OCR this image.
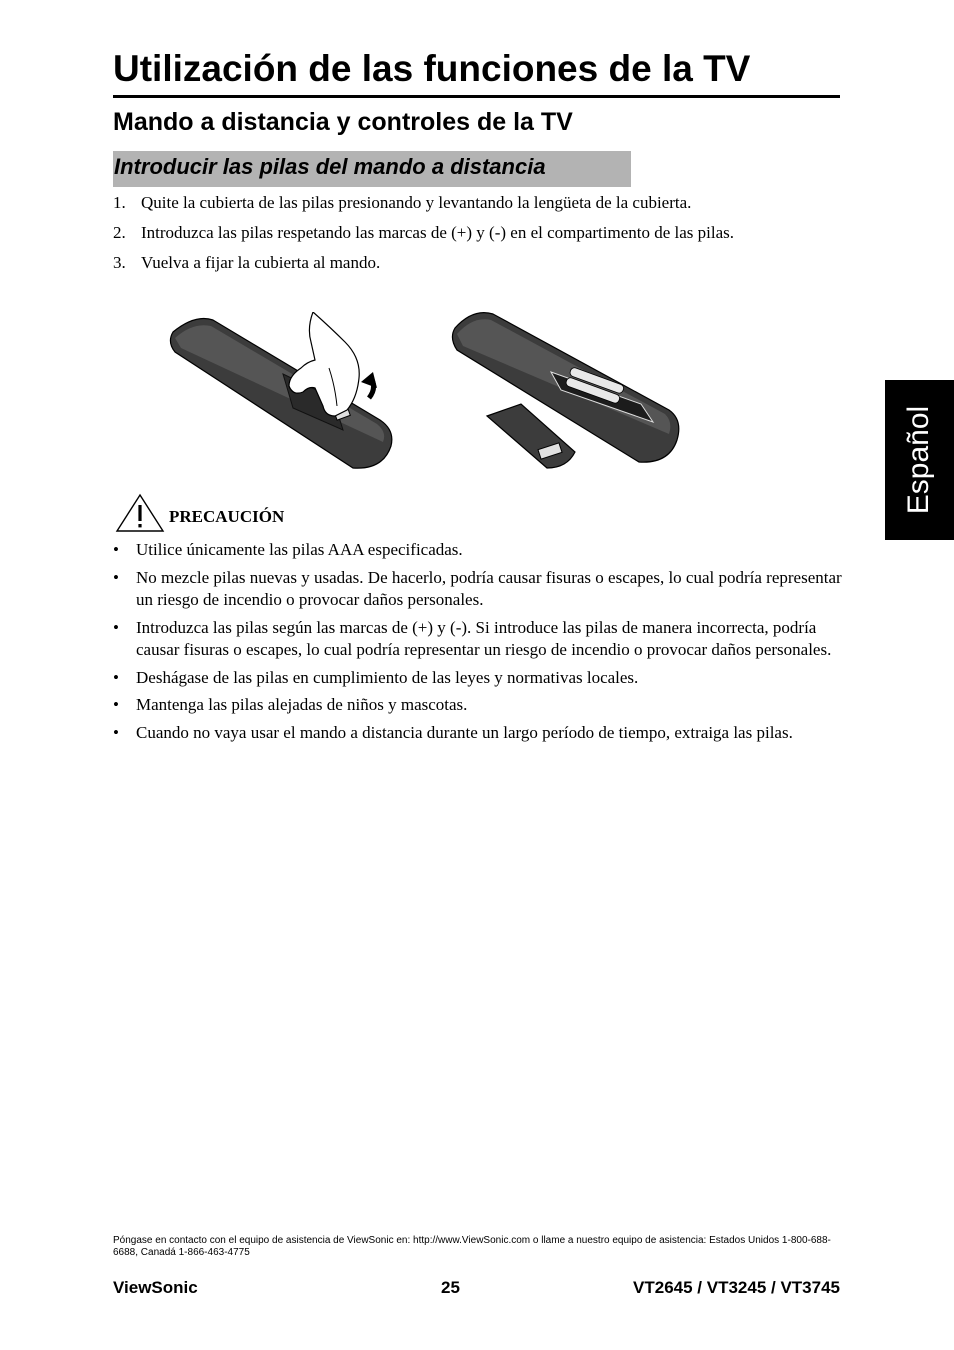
Utilización de las funciones de la TV
Mando a distancia y controles de la TV
Introducir las pilas del mando a distancia
Español
1. Quite la cubierta de las pilas presionando y levantando la lengüeta de la cubierta.
2. Introduzca las pilas respetando las marcas de (+) y (-) en el compartimento de las pilas.
3. Vuelva a fijar la cubierta al mando.
PRECAUCIÓN
•	Utilice únicamente las pilas AAA especificadas.
•	No mezcle pilas nuevas y usadas. De hacerlo, podría causar fisuras o escapes, lo cual podría representar un riesgo de incendio o provocar daños personales.
•	Introduzca las pilas según las marcas de (+) y (-). Si introduce las pilas de manera incorrecta, podría causar fisuras o escapes, lo cual podría representar un riesgo de incendio o provocar daños personales.
•	Deshágase de las pilas en cumplimiento de las leyes y normativas locales.
•	Mantenga las pilas alejadas de niños y mascotas.
•	Cuando no vaya usar el mando a distancia durante un largo período de tiempo, extraiga las pilas.
Póngase en contacto con el equipo de asistencia de ViewSonic en: http://www.ViewSonic.com o llame a nuestro equipo de asistencia: Estados Unidos 1-800-688-6688, Canadá 1-866-463-4775
ViewSonic	25	VT2645 / VT3245 / VT3745
